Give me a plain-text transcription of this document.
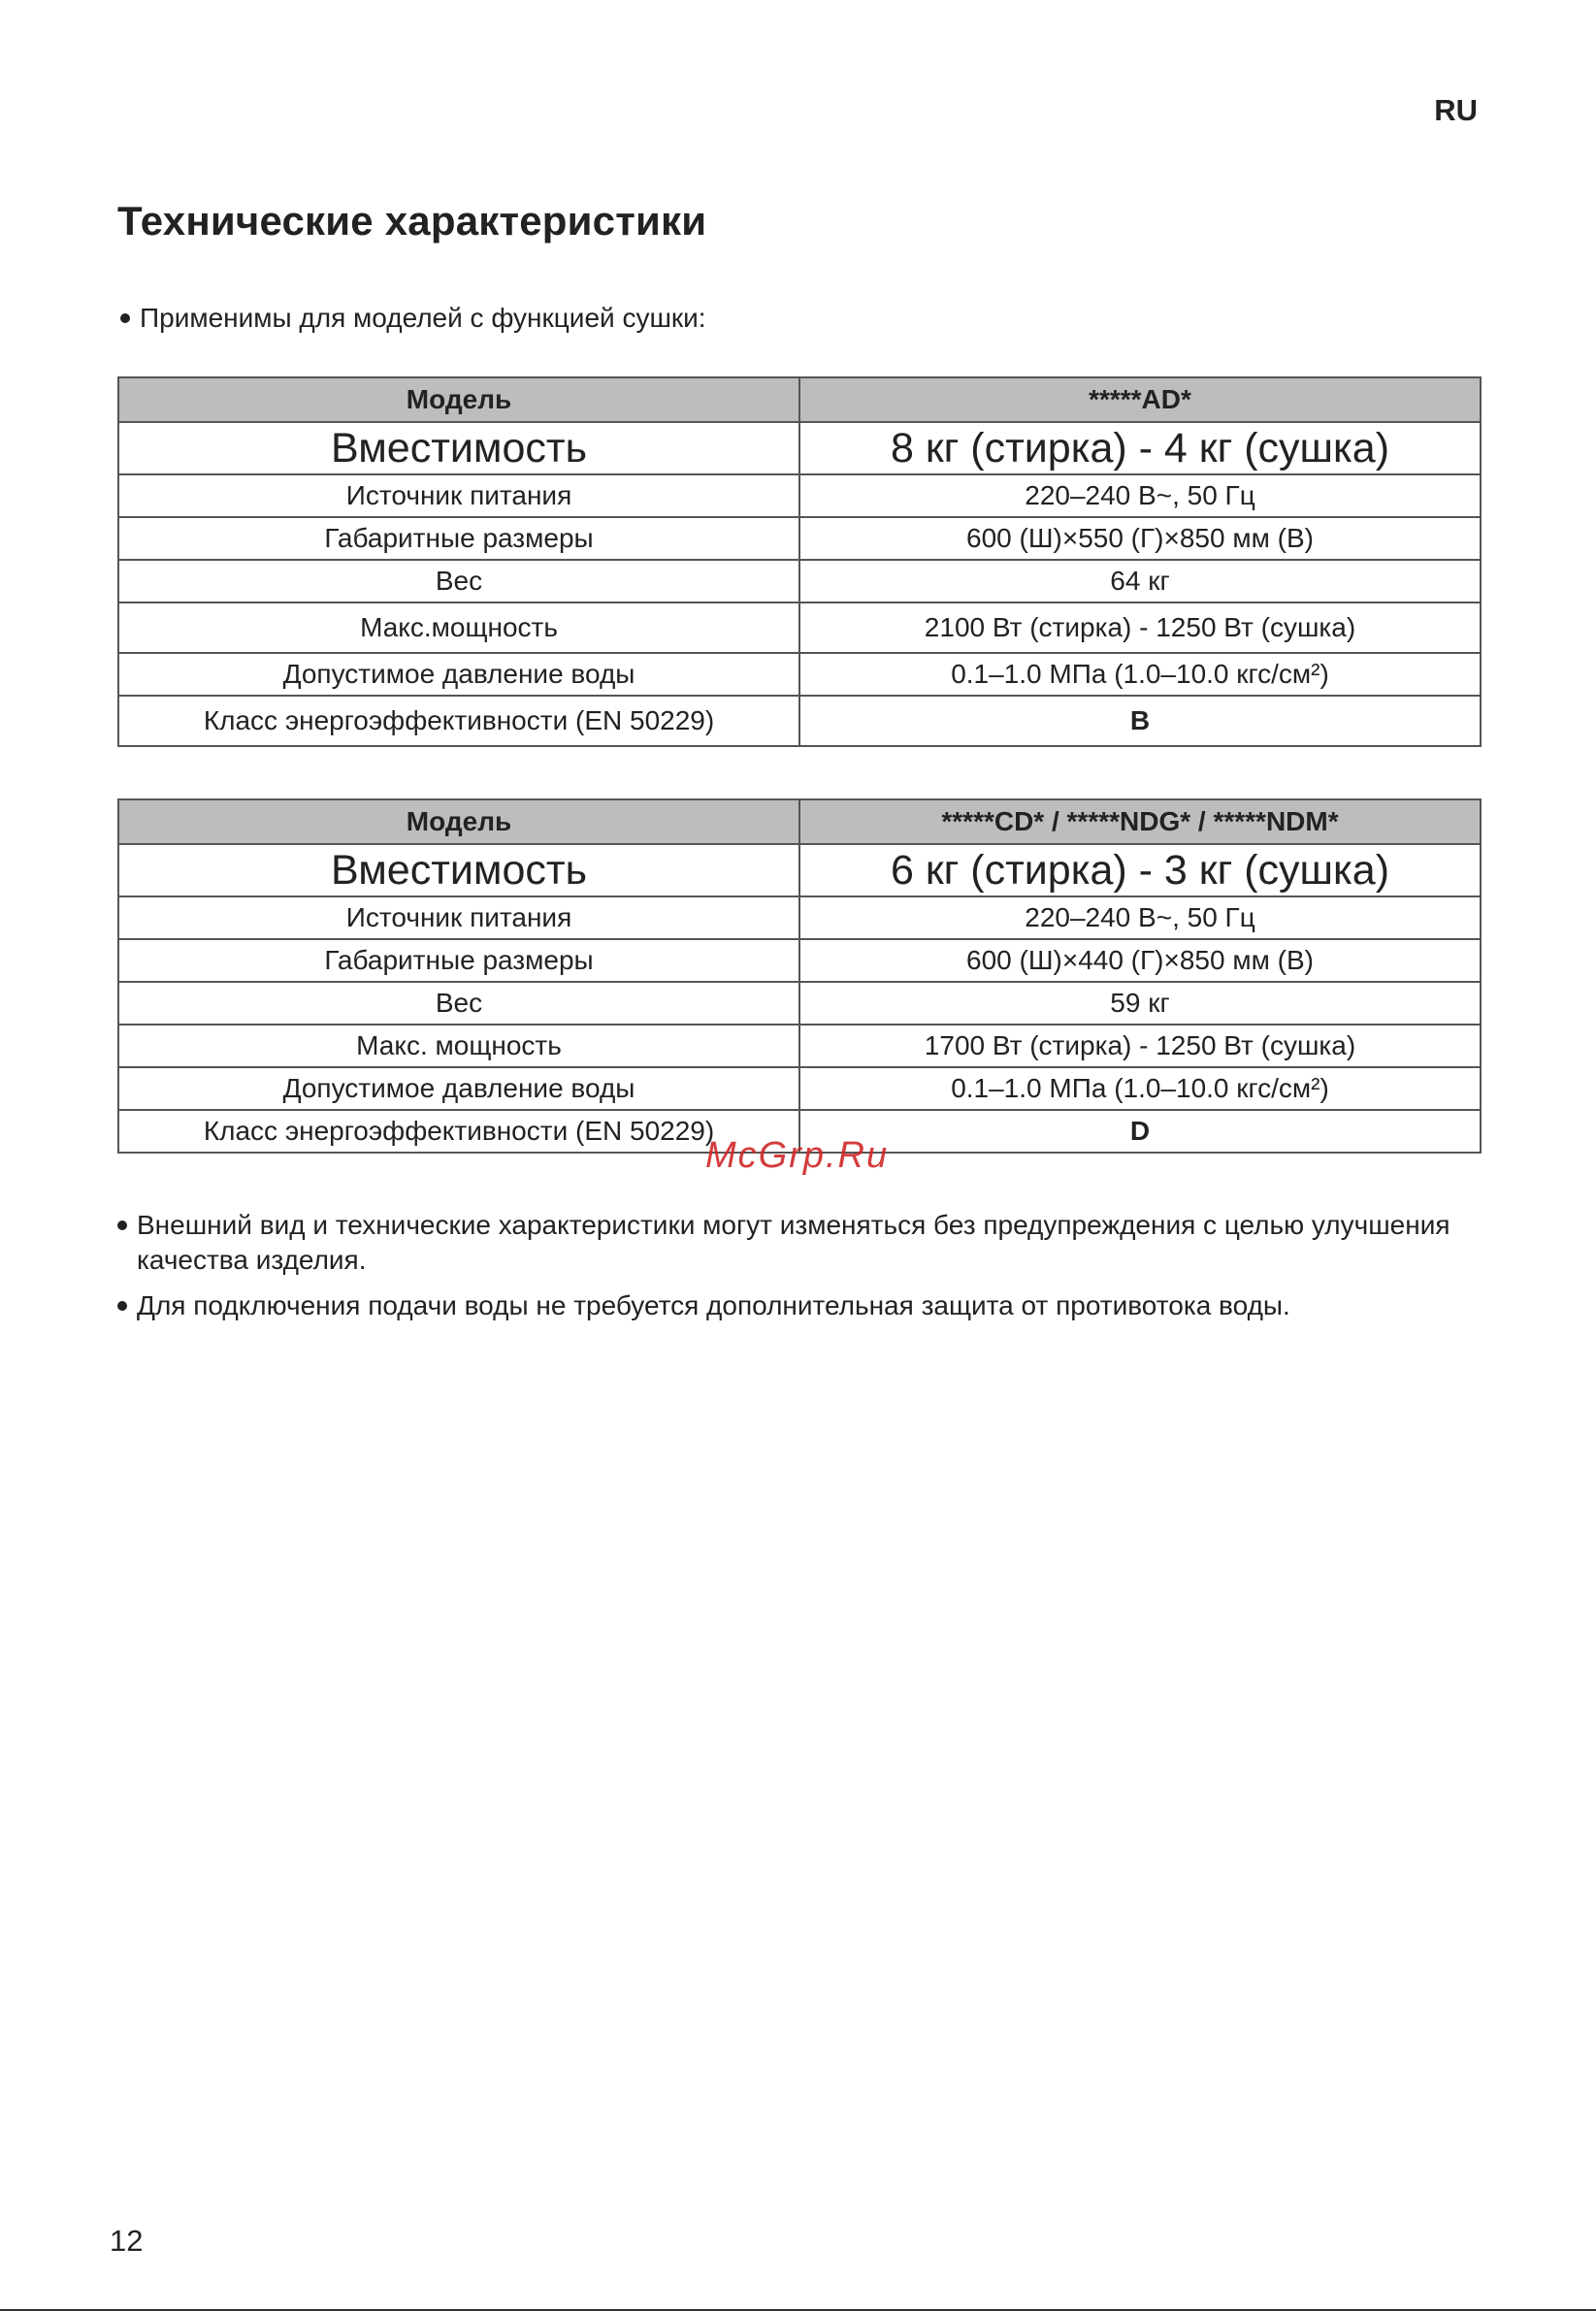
RU
Технические характеристики
Применимы для моделей с функцией сушки:
Модель	*****AD*
Вместимость	8 кг (стирка) - 4 кг (сушка)
Источник питания	220–240 В~, 50 Гц
Габаритные размеры	600 (Ш)×550 (Г)×850 мм (В)
Вес	64 кг
Макс.мощность	2100 Вт (стирка) - 1250 Вт (сушка)
Допустимое давление воды	0.1–1.0 МПа (1.0–10.0 кгс/см²)
Класс энергоэффективности (EN 50229)	B
Модель	*****CD* / *****NDG* / *****NDM*
Вместимость	6 кг (стирка) - 3 кг (сушка)
Источник питания	220–240 В~, 50 Гц
Габаритные размеры	600 (Ш)×440 (Г)×850 мм (В)
Вес	59 кг
Макс. мощность	1700 Вт (стирка) - 1250 Вт (сушка)
Допустимое давление воды	0.1–1.0 МПа (1.0–10.0 кгс/см²)
Класс энергоэффективности (EN 50229)	D
McGrp.Ru
Внешний вид и технические характеристики могут изменяться без предупреждения с целью улучшения качества изделия.
Для подключения подачи воды не требуется дополнительная защита от противотока воды.
12
